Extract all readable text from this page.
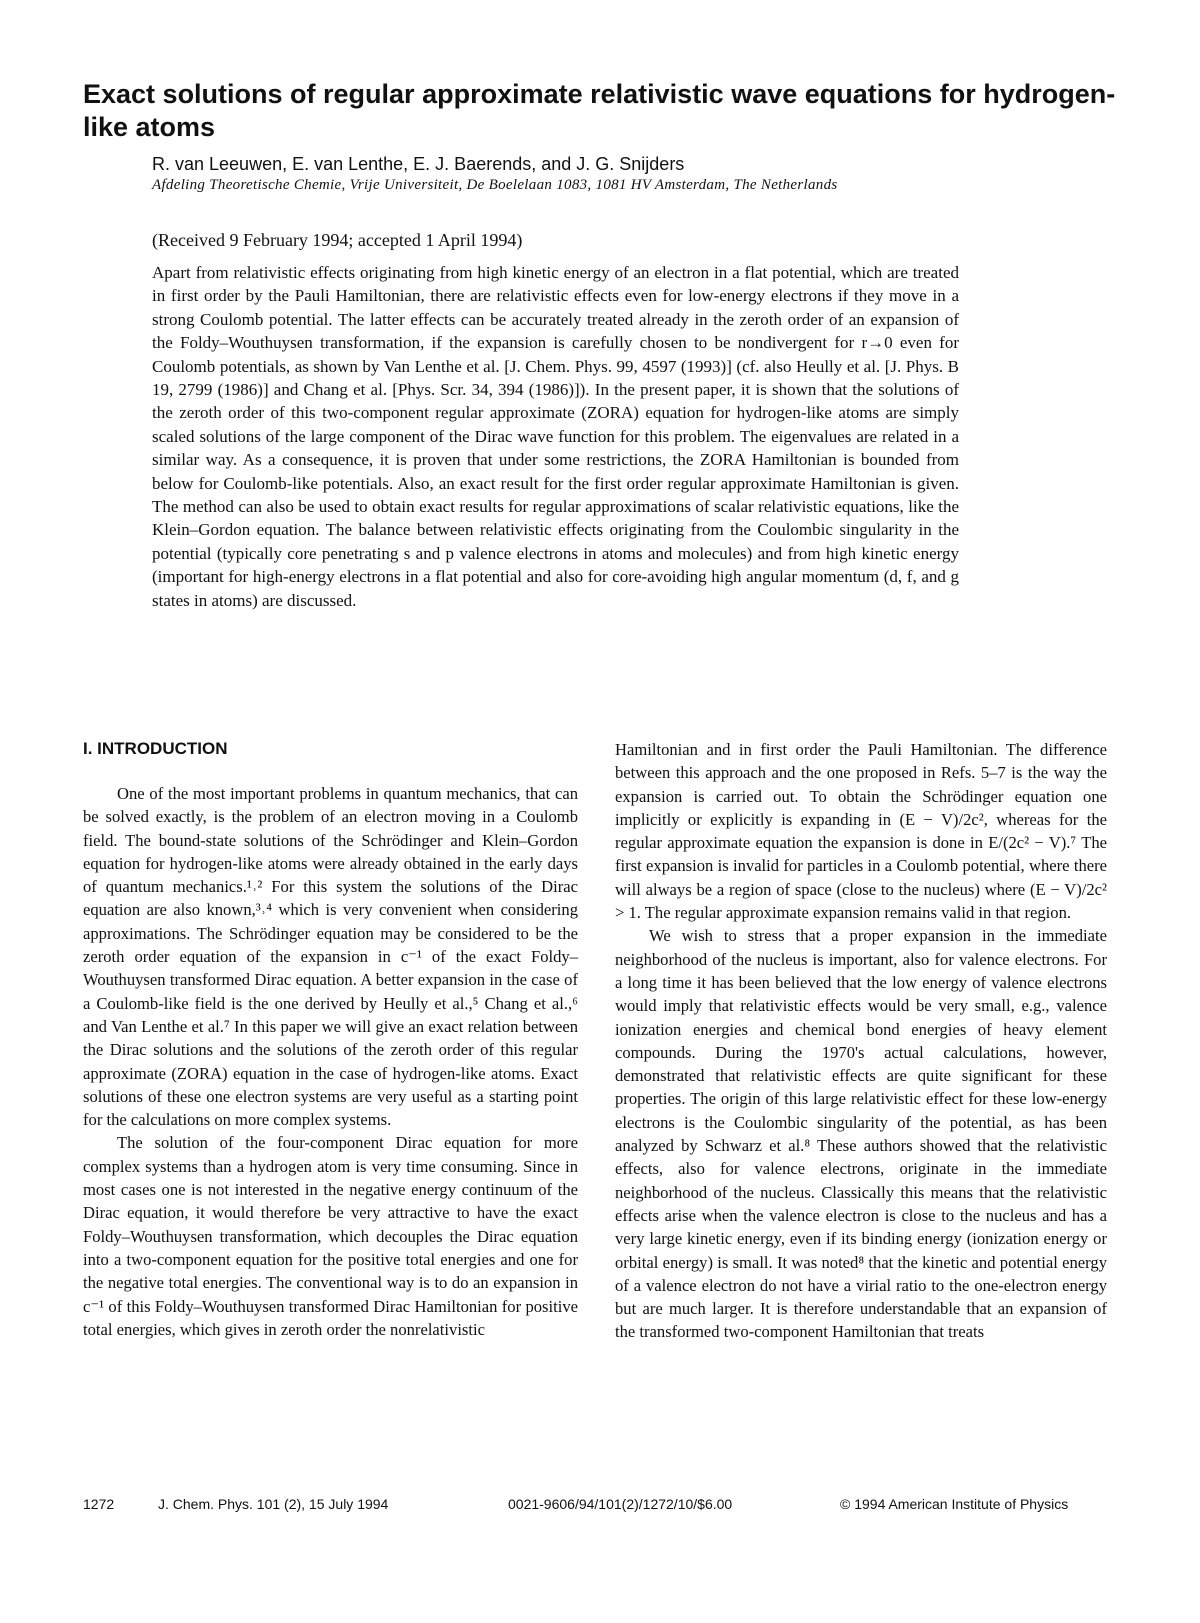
Exact solutions of regular approximate relativistic wave equations for hydrogen-like atoms

R. van Leeuwen, E. van Lenthe, E. J. Baerends, and J. G. Snijders

Afdeling Theoretische Chemie, Vrije Universiteit, De Boelelaan 1083, 1081 HV Amsterdam, The Netherlands

(Received 9 February 1994; accepted 1 April 1994)

Apart from relativistic effects originating from high kinetic energy of an electron in a flat potential, which are treated in first order by the Pauli Hamiltonian, there are relativistic effects even for low-energy electrons if they move in a strong Coulomb potential. The latter effects can be accurately treated already in the zeroth order of an expansion of the Foldy–Wouthuysen transformation, if the expansion is carefully chosen to be nondivergent for r→0 even for Coulomb potentials, as shown by Van Lenthe et al. [J. Chem. Phys. 99, 4597 (1993)] (cf. also Heully et al. [J. Phys. B 19, 2799 (1986)] and Chang et al. [Phys. Scr. 34, 394 (1986)]). In the present paper, it is shown that the solutions of the zeroth order of this two-component regular approximate (ZORA) equation for hydrogen-like atoms are simply scaled solutions of the large component of the Dirac wave function for this problem. The eigenvalues are related in a similar way. As a consequence, it is proven that under some restrictions, the ZORA Hamiltonian is bounded from below for Coulomb-like potentials. Also, an exact result for the first order regular approximate Hamiltonian is given. The method can also be used to obtain exact results for regular approximations of scalar relativistic equations, like the Klein–Gordon equation. The balance between relativistic effects originating from the Coulombic singularity in the potential (typically core penetrating s and p valence electrons in atoms and molecules) and from high kinetic energy (important for high-energy electrons in a flat potential and also for core-avoiding high angular momentum (d, f, and g states in atoms) are discussed.

I. INTRODUCTION

One of the most important problems in quantum mechanics, that can be solved exactly, is the problem of an electron moving in a Coulomb field. The bound-state solutions of the Schrödinger and Klein–Gordon equation for hydrogen-like atoms were already obtained in the early days of quantum mechanics.¹˒² For this system the solutions of the Dirac equation are also known,³˒⁴ which is very convenient when considering approximations. The Schrödinger equation may be considered to be the zeroth order equation of the expansion in c⁻¹ of the exact Foldy–Wouthuysen transformed Dirac equation. A better expansion in the case of a Coulomb-like field is the one derived by Heully et al.,⁵ Chang et al.,⁶ and Van Lenthe et al.⁷ In this paper we will give an exact relation between the Dirac solutions and the solutions of the zeroth order of this regular approximate (ZORA) equation in the case of hydrogen-like atoms. Exact solutions of these one electron systems are very useful as a starting point for the calculations on more complex systems.

The solution of the four-component Dirac equation for more complex systems than a hydrogen atom is very time consuming. Since in most cases one is not interested in the negative energy continuum of the Dirac equation, it would therefore be very attractive to have the exact Foldy–Wouthuysen transformation, which decouples the Dirac equation into a two-component equation for the positive total energies and one for the negative total energies. The conventional way is to do an expansion in c⁻¹ of this Foldy–Wouthuysen transformed Dirac Hamiltonian for positive total energies, which gives in zeroth order the nonrelativistic

Hamiltonian and in first order the Pauli Hamiltonian. The difference between this approach and the one proposed in Refs. 5–7 is the way the expansion is carried out. To obtain the Schrödinger equation one implicitly or explicitly is expanding in (E − V)/2c², whereas for the regular approximate equation the expansion is done in E/(2c² − V).⁷ The first expansion is invalid for particles in a Coulomb potential, where there will always be a region of space (close to the nucleus) where (E − V)/2c² > 1. The regular approximate expansion remains valid in that region.

We wish to stress that a proper expansion in the immediate neighborhood of the nucleus is important, also for valence electrons. For a long time it has been believed that the low energy of valence electrons would imply that relativistic effects would be very small, e.g., valence ionization energies and chemical bond energies of heavy element compounds. During the 1970's actual calculations, however, demonstrated that relativistic effects are quite significant for these properties. The origin of this large relativistic effect for these low-energy electrons is the Coulombic singularity of the potential, as has been analyzed by Schwarz et al.⁸ These authors showed that the relativistic effects, also for valence electrons, originate in the immediate neighborhood of the nucleus. Classically this means that the relativistic effects arise when the valence electron is close to the nucleus and has a very large kinetic energy, even if its binding energy (ionization energy or orbital energy) is small. It was noted⁸ that the kinetic and potential energy of a valence electron do not have a virial ratio to the one-electron energy but are much larger. It is therefore understandable that an expansion of the transformed two-component Hamiltonian that treats

1272	J. Chem. Phys. 101 (2), 15 July 1994	0021-9606/94/101(2)/1272/10/$6.00	© 1994 American Institute of Physics
